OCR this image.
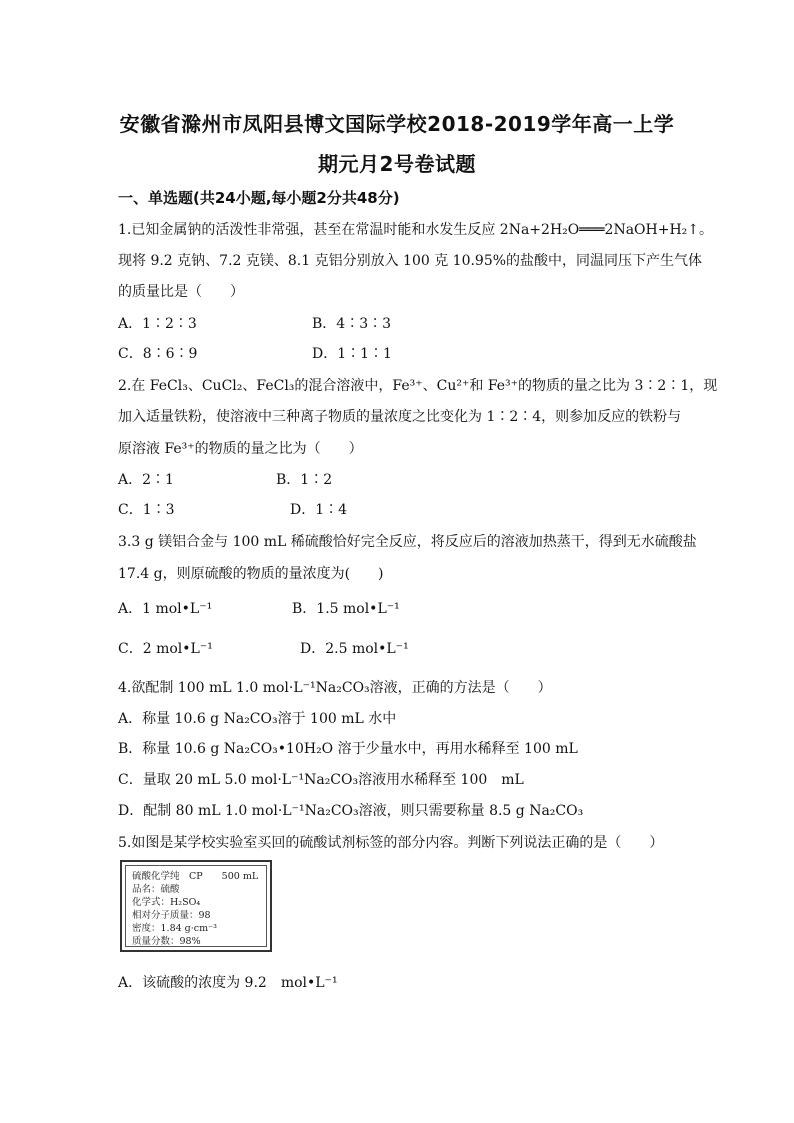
安徽省滁州市凤阳县博文国际学校2018-2019学年高一上学
期元月2号卷试题
一、单选题(共24小题,每小题2分共48分)
1.已知金属钠的活泼性非常强，甚至在常温时能和水发生反应 2Na+2H₂O═══2NaOH+H₂↑。
现将 9.2 克钠、7.2 克镁、8.1 克铝分别放入 100 克 10.95%的盐酸中，同温同压下产生气体
的质量比是（　　）
A．1∶2∶3	B．4∶3∶3
C．8∶6∶9	D．1∶1∶1
2.在 FeCl₃、CuCl₂、FeCl₃的混合溶液中，Fe³⁺、Cu²⁺和 Fe³⁺的物质的量之比为 3∶2∶1，现
加入适量铁粉，使溶液中三种离子物质的量浓度之比变化为 1∶2∶4，则参加反应的铁粉与
原溶液 Fe³⁺的物质的量之比为（　　）
A．2∶1	B．1∶2
C．1∶3	D．1∶4
3.3 g 镁铝合金与 100 mL 稀硫酸恰好完全反应，将反应后的溶液加热蒸干，得到无水硫酸盐
17.4 g，则原硫酸的物质的量浓度为(　　)
A．1 mol•L⁻¹	B．1.5 mol•L⁻¹
C．2 mol•L⁻¹	D．2.5 mol•L⁻¹
4.欲配制 100 mL 1.0 mol·L⁻¹Na₂CO₃溶液，正确的方法是（　　）
A．称量 10.6 g Na₂CO₃溶于 100 mL 水中
B．称量 10.6 g Na₂CO₃•10H₂O 溶于少量水中，再用水稀释至 100 mL
C．量取 20 mL 5.0 mol·L⁻¹Na₂CO₃溶液用水稀释至 100　mL
D．配制 80 mL 1.0 mol·L⁻¹Na₂CO₃溶液，则只需要称量 8.5 g Na₂CO₃
5.如图是某学校实验室买回的硫酸试剂标签的部分内容。判断下列说法正确的是（　　）
硫酸化学纯　CP　　500 mL
品名：硫酸
化学式：H₂SO₄
相对分子质量：98
密度：1.84 g·cm⁻³
质量分数：98%
A．该硫酸的浓度为 9.2　mol•L⁻¹
